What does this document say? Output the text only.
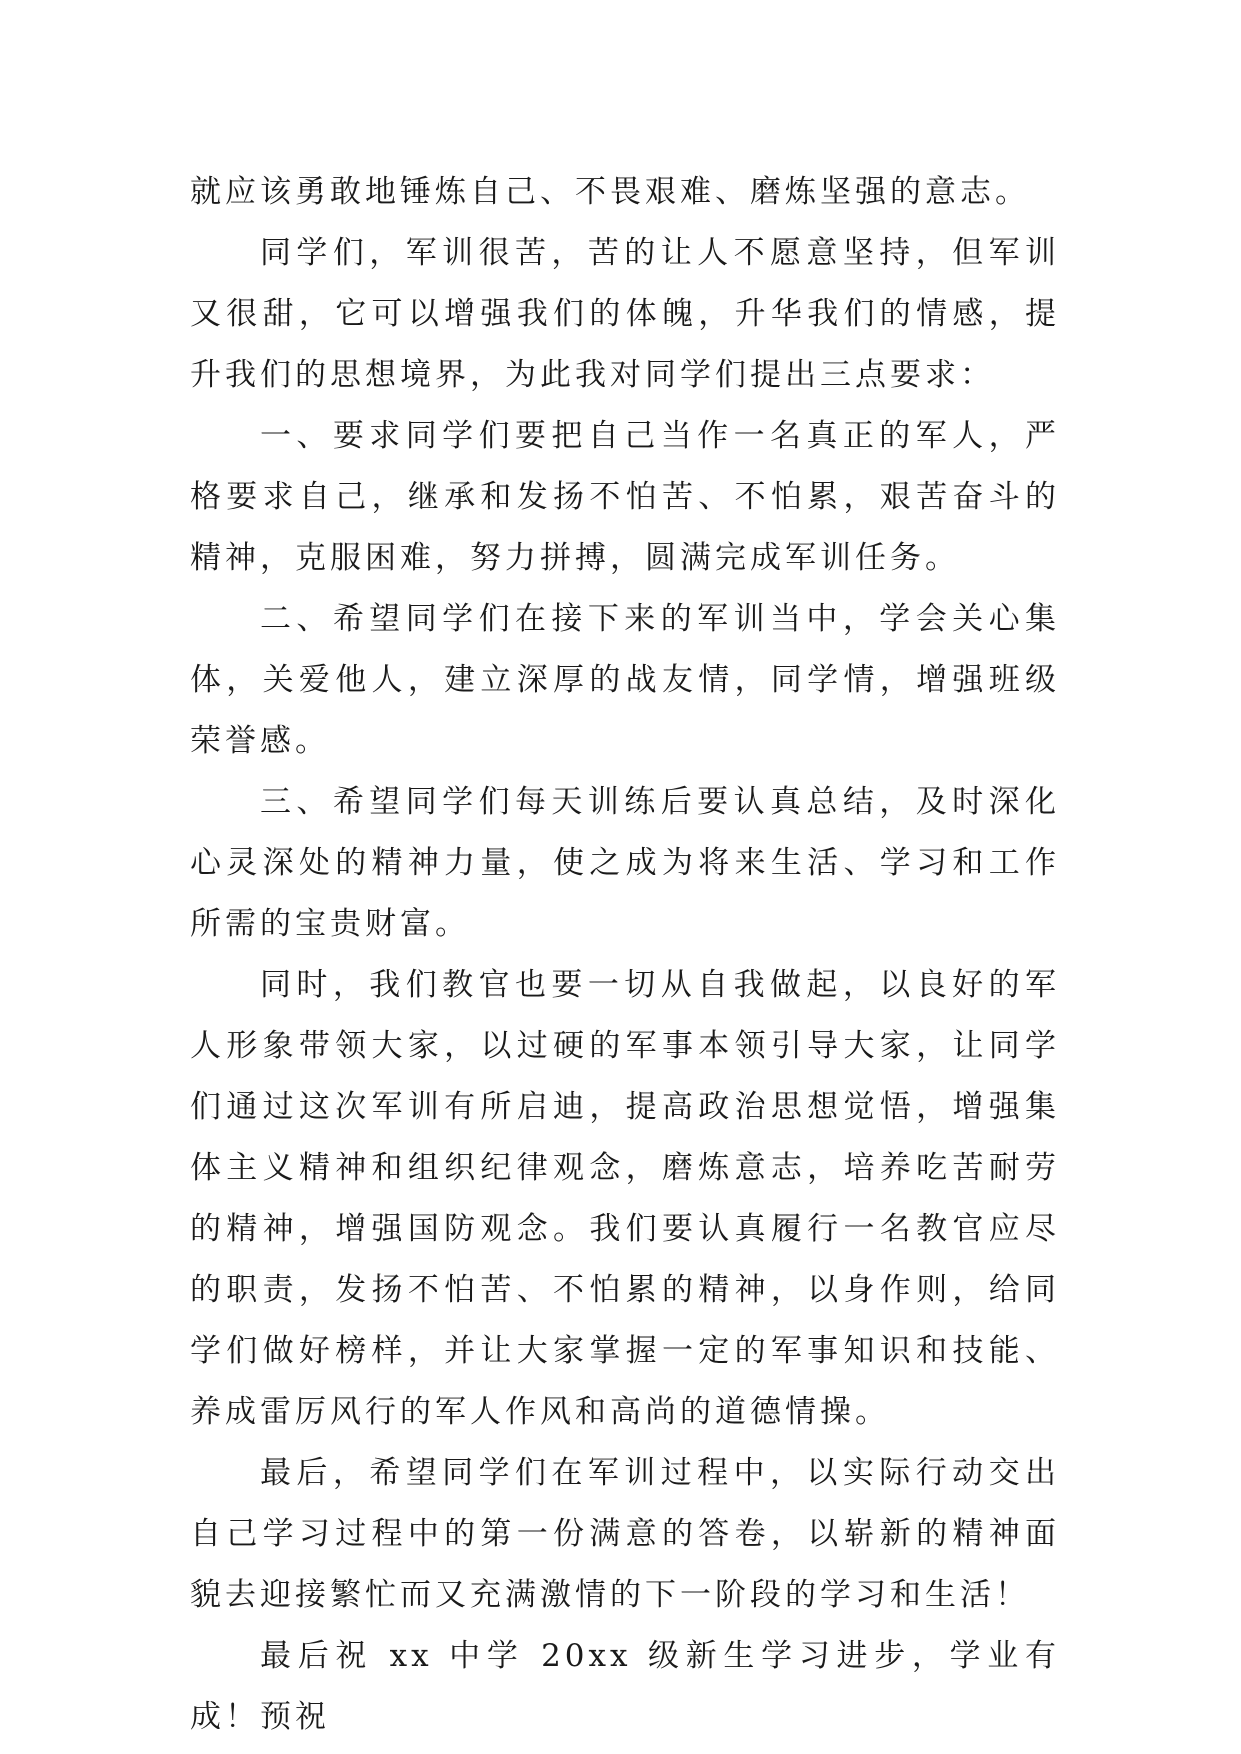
就应该勇敢地锤炼自己、不畏艰难、磨炼坚强的意志。

同学们，军训很苦，苦的让人不愿意坚持，但军训又很甜，它可以增强我们的体魄，升华我们的情感，提升我们的思想境界，为此我对同学们提出三点要求：

一、要求同学们要把自己当作一名真正的军人，严格要求自己，继承和发扬不怕苦、不怕累，艰苦奋斗的精神，克服困难，努力拼搏，圆满完成军训任务。

二、希望同学们在接下来的军训当中，学会关心集体，关爱他人，建立深厚的战友情，同学情，增强班级荣誉感。

三、希望同学们每天训练后要认真总结，及时深化心灵深处的精神力量，使之成为将来生活、学习和工作所需的宝贵财富。

同时，我们教官也要一切从自我做起，以良好的军人形象带领大家，以过硬的军事本领引导大家，让同学们通过这次军训有所启迪，提高政治思想觉悟，增强集体主义精神和组织纪律观念，磨炼意志，培养吃苦耐劳的精神，增强国防观念。我们要认真履行一名教官应尽的职责，发扬不怕苦、不怕累的精神，以身作则，给同学们做好榜样，并让大家掌握一定的军事知识和技能、养成雷厉风行的军人作风和高尚的道德情操。

最后，希望同学们在军训过程中，以实际行动交出自己学习过程中的第一份满意的答卷，以崭新的精神面貌去迎接繁忙而又充满激情的下一阶段的学习和生活！

最后祝 xx 中学 20xx 级新生学习进步，学业有成！预祝
